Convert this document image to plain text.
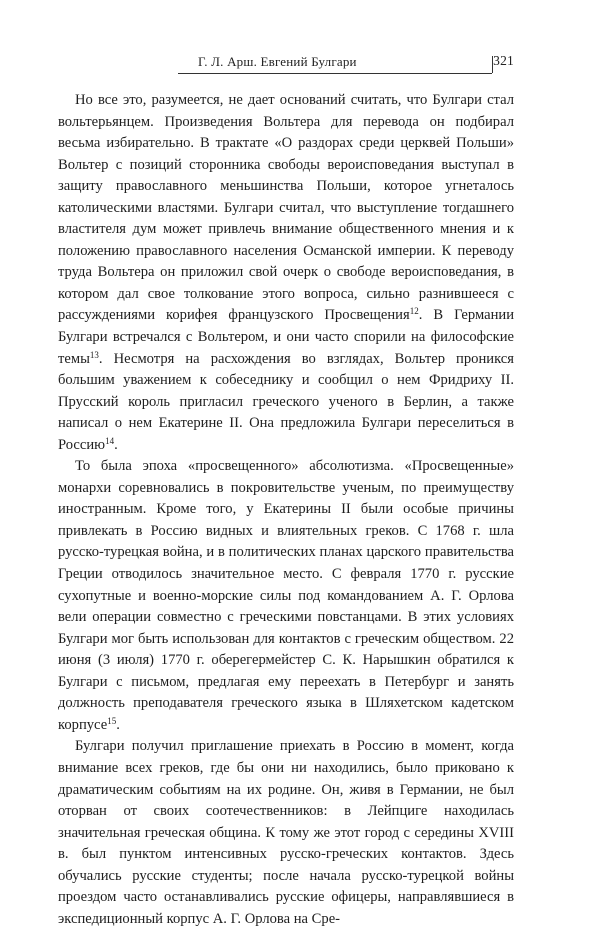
Г. Л. Арш. Евгений Булгари	321

Но все это, разумеется, не дает оснований считать, что Булгари стал вольтерьянцем. Произведения Вольтера для перевода он подбирал весьма избирательно. В трактате «О раздорах среди церквей Польши» Вольтер с позиций сторонника свободы вероисповедания выступал в защиту православного меньшинства Польши, которое угнеталось католическими властями. Булгари считал, что выступление тогдашнего властителя дум может привлечь внимание общественного мнения и к положению православного населения Османской империи. К переводу труда Вольтера он приложил свой очерк о свободе вероисповедания, в котором дал свое толкование этого вопроса, сильно разнившееся с рассуждениями корифея французского Просвещения$^{12}$. В Германии Булгари встречался с Вольтером, и они часто спорили на философские темы$^{13}$. Несмотря на расхождения во взглядах, Вольтер проникся большим уважением к собеседнику и сообщил о нем Фридриху II. Прусский король пригласил греческого ученого в Берлин, а также написал о нем Екатерине II. Она предложила Булгари переселиться в Россию$^{14}$.

То была эпоха «просвещенного» абсолютизма. «Просвещенные» монархи соревновались в покровительстве ученым, по преимуществу иностранным. Кроме того, у Екатерины II были особые причины привлекать в Россию видных и влиятельных греков. С 1768 г. шла русско-турецкая война, и в политических планах царского правительства Греции отводилось значительное место. С февраля 1770 г. русские сухопутные и военно-морские силы под командованием А. Г. Орлова вели операции совместно с греческими повстанцами. В этих условиях Булгари мог быть использован для контактов с греческим обществом. 22 июня (3 июля) 1770 г. оберегермейстер С. К. Нарышкин обратился к Булгари с письмом, предлагая ему переехать в Петербург и занять должность преподавателя греческого языка в Шляхетском кадетском корпусе$^{15}$.

Булгари получил приглашение приехать в Россию в момент, когда внимание всех греков, где бы они ни находились, было приковано к драматическим событиям на их родине. Он, живя в Германии, не был оторван от своих соотечественников: в Лейпциге находилась значительная греческая община. К тому же этот город с середины XVIII в. был пунктом интенсивных русско-греческих контактов. Здесь обучались русские студенты; после начала русско-турецкой войны проездом часто останавливались русские офицеры, направлявшиеся в экспедиционный корпус А. Г. Орлова на Сре-
